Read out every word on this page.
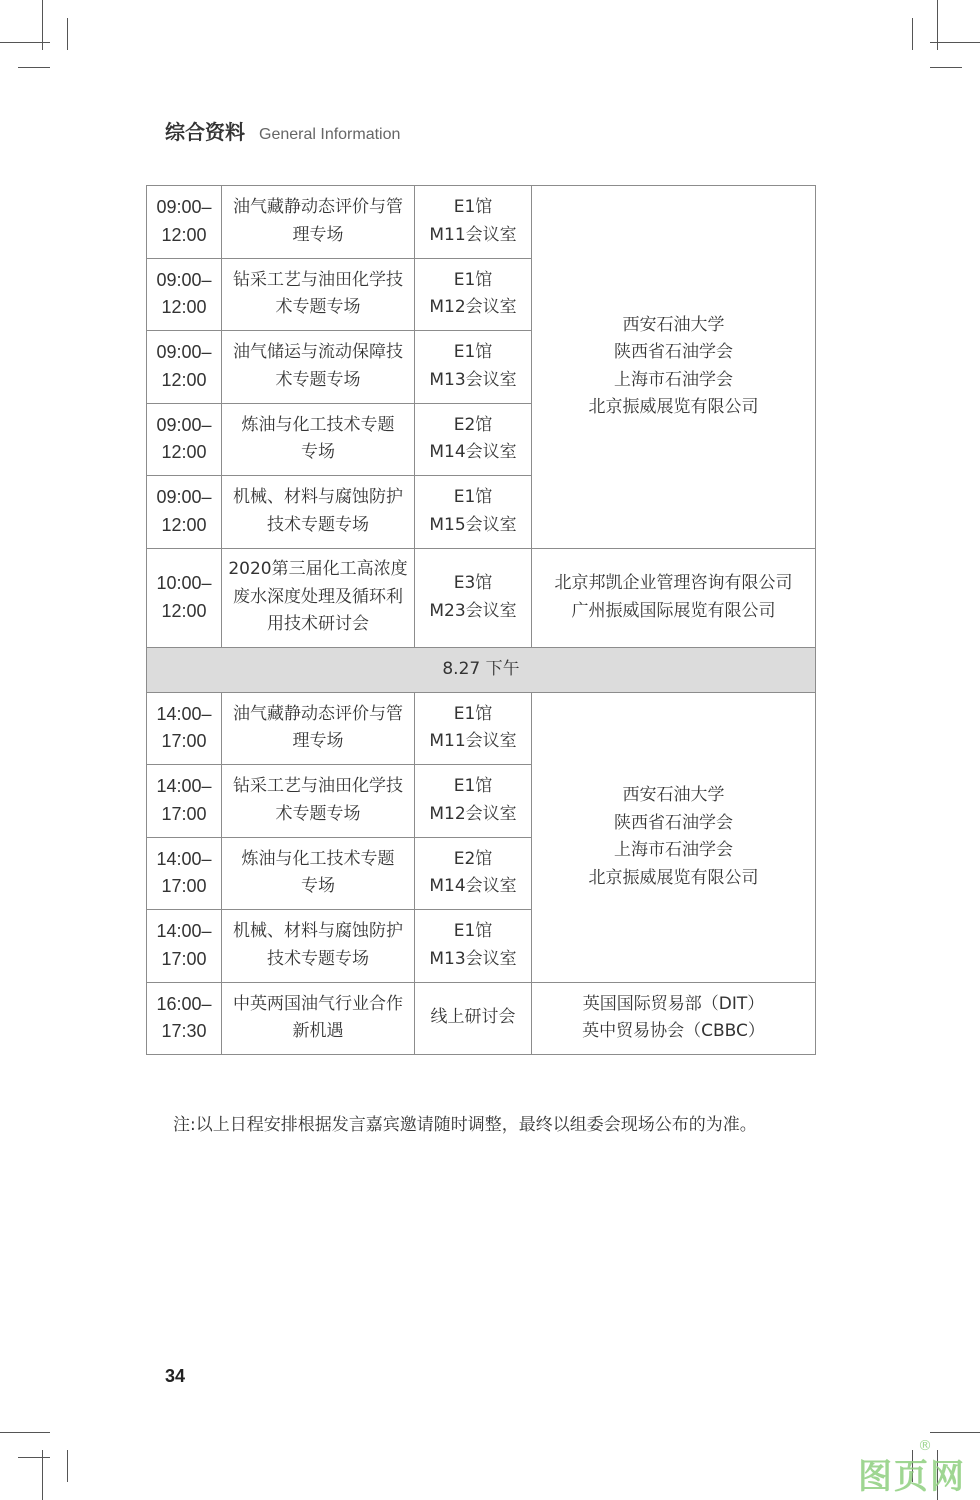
综合资料 General Information
09:00–
12:00	油气藏静动态评价与管
理专场	E1馆
M11会议室	西安石油大学
陕西省石油学会
上海市石油学会
北京振威展览有限公司

09:00–
12:00	钻采工艺与油田化学技
术专题专场	E1馆
M12会议室	

09:00–
12:00	油气储运与流动保障技
术专题专场	E1馆
M13会议室	

09:00–
12:00	炼油与化工技术专题
专场	E2馆
M14会议室	

09:00–
12:00	机械、材料与腐蚀防护
技术专题专场	E1馆
M15会议室	

10:00–
12:00	2020第三届化工高浓度
废水深度处理及循环利
用技术研讨会	E3馆
M23会议室	北京邦凯企业管理咨询有限公司
广州振威国际展览有限公司

8.27 下午			

14:00–
17:00	油气藏静动态评价与管
理专场	E1馆
M11会议室	西安石油大学
陕西省石油学会
上海市石油学会
北京振威展览有限公司

14:00–
17:00	钻采工艺与油田化学技
术专题专场	E1馆
M12会议室	

14:00–
17:00	炼油与化工技术专题
专场	E2馆
M14会议室	

14:00–
17:00	机械、材料与腐蚀防护
技术专题专场	E1馆
M13会议室	

16:00–
17:30	中英两国油气行业合作
新机遇	线上研讨会	英国国际贸易部（DIT）
英中贸易协会（CBBC）
注:以上日程安排根据发言嘉宾邀请随时调整，最终以组委会现场公布的为准。
34
图页网
®
